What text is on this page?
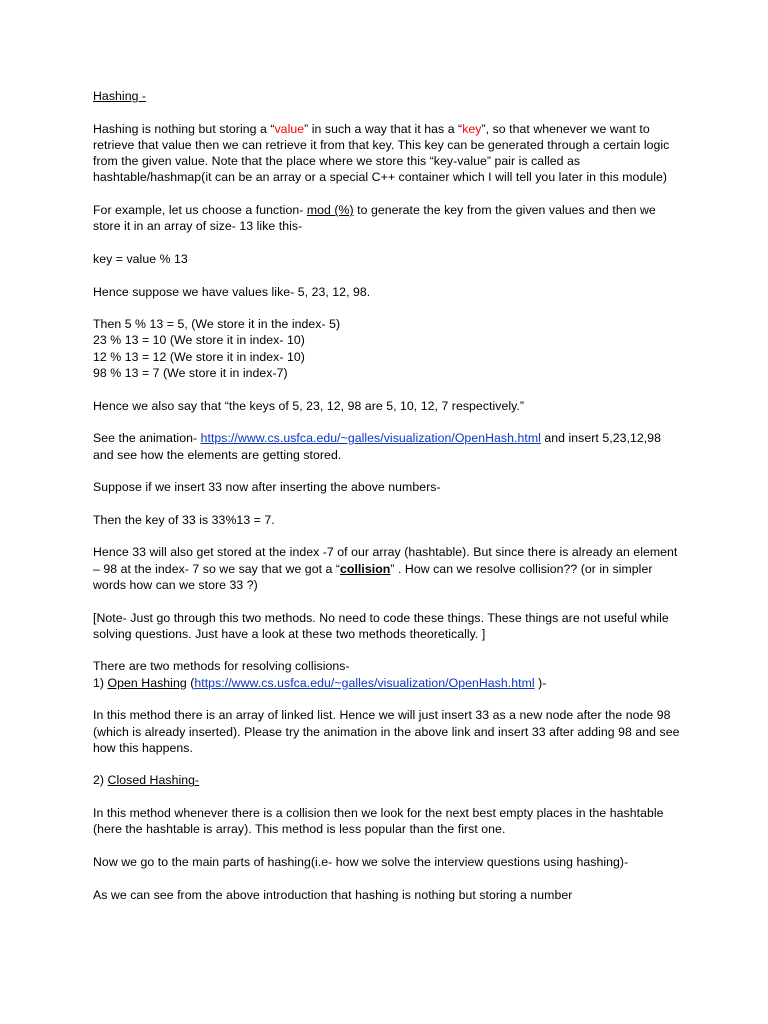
Hashing -

Hashing is nothing but storing a “value” in such a way that it has a “key”, so that whenever we want to retrieve that value then we can retrieve it from that key. This key can be generated through a certain logic from the given value. Note that the place where we store this “key-value” pair is called as hashtable/hashmap(it can be an array or a special C++ container which I will tell you later in this module)

For example, let us choose a function- mod (%) to generate the key from the given values and then we store it in an array of size- 13 like this-

key = value % 13

Hence suppose we have values like- 5, 23, 12, 98.

Then 5 % 13 = 5, (We store it in the index- 5)
23 % 13 = 10 (We store it in index- 10)
12 % 13 = 12 (We store it in index- 10)
98 % 13 = 7 (We store it in index-7)

Hence we also say that “the keys of 5, 23, 12, 98 are 5, 10, 12, 7 respectively.”

See the animation- https://www.cs.usfca.edu/~galles/visualization/OpenHash.html and insert 5,23,12,98 and see how the elements are getting stored.

Suppose if we insert 33 now after inserting the above numbers-

Then the key of 33 is 33%13 = 7.

Hence 33 will also get stored at the index -7 of our array (hashtable). But since there is already an element – 98 at the index- 7 so we say that we got a “collision” . How can we resolve collision?? (or in simpler words how can we store 33 ?)

[Note- Just go through this two methods. No need to code these things. These things are not useful while solving questions. Just have a look at these two methods theoretically. ]

There are two methods for resolving collisions-
1) Open Hashing (https://www.cs.usfca.edu/~galles/visualization/OpenHash.html )-

In this method there is an array of linked list. Hence we will just insert 33 as a new node after the node 98 (which is already inserted). Please try the animation in the above link and insert 33 after adding 98 and see how this happens.

2) Closed Hashing-

In this method whenever there is a collision then we look for the next best empty places in the hashtable (here the hashtable is array). This method is less popular than the first one.

Now we go to the main parts of hashing(i.e- how we solve the interview questions using hashing)-

As we can see from the above introduction that hashing is nothing but storing a number
